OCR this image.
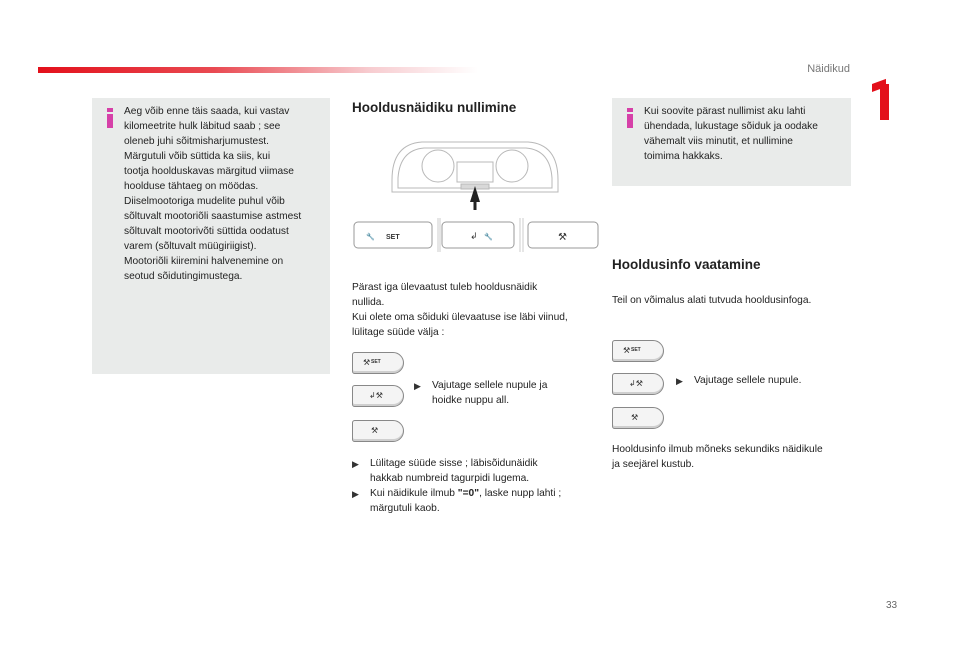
Näidikud
33
Aeg võib enne täis saada, kui vastav
kilomeetrite hulk läbitud saab ; see
oleneb juhi sõitmisharjumustest.
Märgutuli võib süttida ka siis, kui
tootja hoolduskavas märgitud viimase
hoolduse tähtaeg on möödas.
Diiselmootoriga mudelite puhul võib
sõltuvalt mootoriõli saastumise astmest
sõltuvalt mootorivõti süttida oodatust
varem (sõltuvalt müügiriigist).
Mootoriõli kiiremini halvenemine on
seotud sõidutingimustega.
Hooldusnäidiku nullimine
🔧 SET	↲ 🔧	⚒
Pärast iga ülevaatust tuleb hooldusnäidik
nullida.
Kui olete oma sõiduki ülevaatuse ise läbi viinud,
lülitage süüde välja :
⚒ SET
↲⚒
⚒
▶	Vajutage sellele nupule ja
hoidke nuppu all.
▶	Lülitage süüde sisse ; läbisõidunäidik
hakkab numbreid tagurpidi lugema.
▶	Kui näidikule ilmub "=0", laske nupp lahti ;
märgutuli kaob.
Kui soovite pärast nullimist aku lahti
ühendada, lukustage sõiduk ja oodake
vähemalt viis minutit, et nullimine
toimima hakkaks.
Hooldusinfo vaatamine
Teil on võimalus alati tutvuda hooldusinfoga.
⚒ SET
↲⚒
⚒
▶	Vajutage sellele nupule.
Hooldusinfo ilmub mõneks sekundiks näidikule
ja seejärel kustub.
